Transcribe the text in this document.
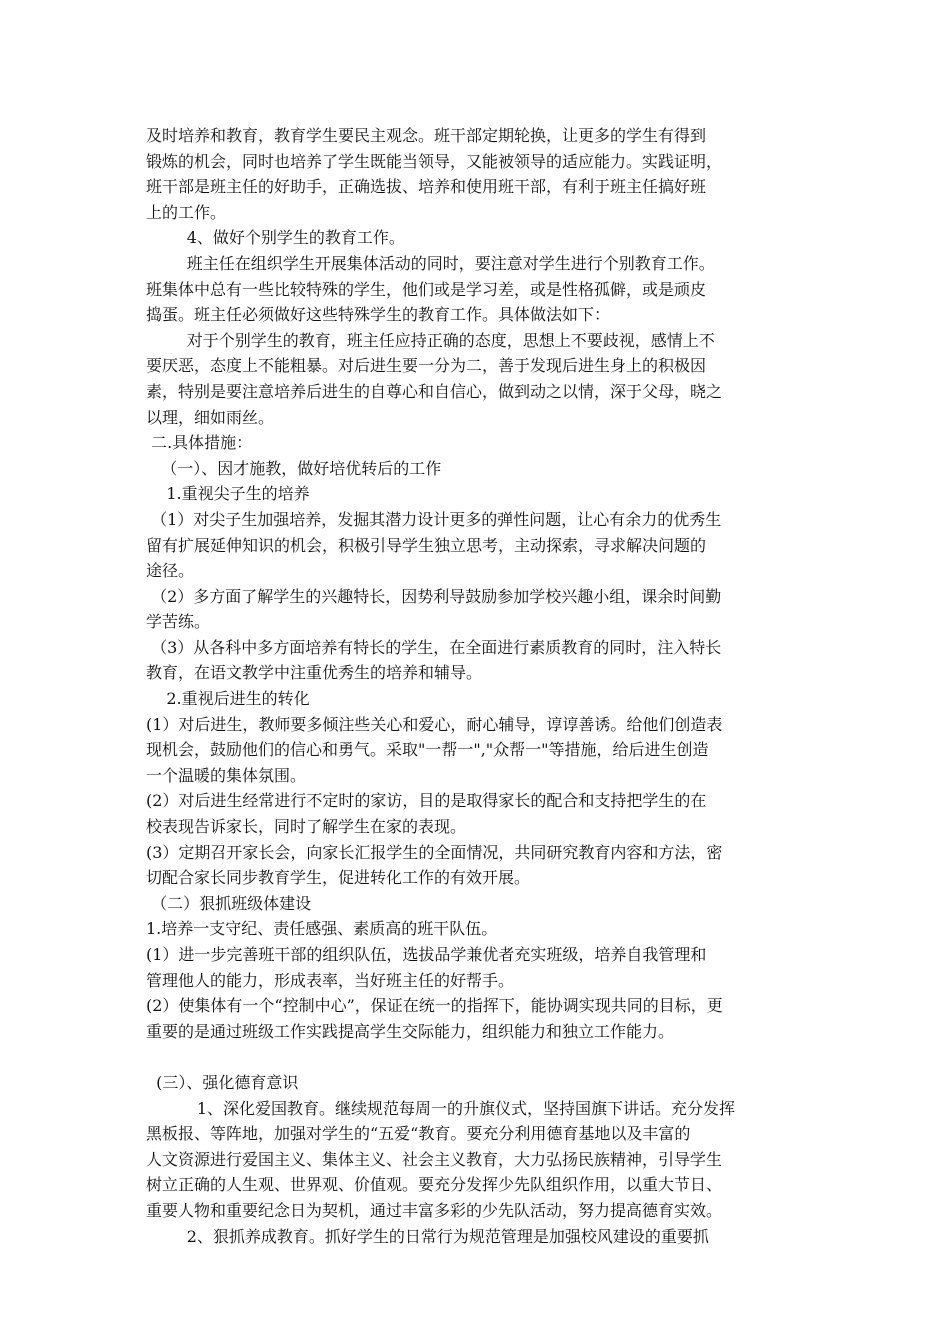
及时培养和教育，教育学生要民主观念。班干部定期轮换，让更多的学生有得到
锻炼的机会，同时也培养了学生既能当领导，又能被领导的适应能力。实践证明，
班干部是班主任的好助手，正确选拔、培养和使用班干部，有利于班主任搞好班
上的工作。
4、做好个别学生的教育工作。
班主任在组织学生开展集体活动的同时，要注意对学生进行个别教育工作。
班集体中总有一些比较特殊的学生，他们或是学习差，或是性格孤僻，或是顽皮
捣蛋。班主任必须做好这些特殊学生的教育工作。具体做法如下：
对于个别学生的教育，班主任应持正确的态度，思想上不要歧视，感情上不
要厌恶，态度上不能粗暴。对后进生要一分为二，善于发现后进生身上的积极因
素，特别是要注意培养后进生的自尊心和自信心，做到动之以情，深于父母，晓之
以理，细如雨丝。
二.具体措施：
（一）、因才施教，做好培优转后的工作
1.重视尖子生的培养
（1）对尖子生加强培养，发掘其潜力设计更多的弹性问题，让心有余力的优秀生
留有扩展延伸知识的机会，积极引导学生独立思考，主动探索，寻求解决问题的
途径。
（2）多方面了解学生的兴趣特长，因势利导鼓励参加学校兴趣小组，课余时间勤
学苦练。
（3）从各科中多方面培养有特长的学生，在全面进行素质教育的同时，注入特长
教育，在语文教学中注重优秀生的培养和辅导。
2.重视后进生的转化
(1）对后进生，教师要多倾注些关心和爱心，耐心辅导，谆谆善诱。给他们创造表
现机会，鼓励他们的信心和勇气。采取"一帮一","众帮一"等措施，给后进生创造
一个温暖的集体氛围。
(2）对后进生经常进行不定时的家访，目的是取得家长的配合和支持把学生的在
校表现告诉家长，同时了解学生在家的表现。
(3）定期召开家长会，向家长汇报学生的全面情况，共同研究教育内容和方法，密
切配合家长同步教育学生，促进转化工作的有效开展。
（二）狠抓班级体建设
1.培养一支守纪、责任感强、素质高的班干队伍。
(1）进一步完善班干部的组织队伍，选拔品学兼优者充实班级，培养自我管理和
管理他人的能力，形成表率，当好班主任的好帮手。
(2）使集体有一个“控制中心”，保证在统一的指挥下，能协调实现共同的目标，更
重要的是通过班级工作实践提高学生交际能力，组织能力和独立工作能力。
(三）、强化德育意识
1、深化爱国教育。继续规范每周一的升旗仪式，坚持国旗下讲话。充分发挥
黑板报、等阵地，加强对学生的“五爱“教育。要充分利用德育基地以及丰富的
人文资源进行爱国主义、集体主义、社会主义教育，大力弘扬民族精神，引导学生
树立正确的人生观、世界观、价值观。要充分发挥少先队组织作用，以重大节日、
重要人物和重要纪念日为契机，通过丰富多彩的少先队活动，努力提高德育实效。
2、狠抓养成教育。抓好学生的日常行为规范管理是加强校风建设的重要抓
